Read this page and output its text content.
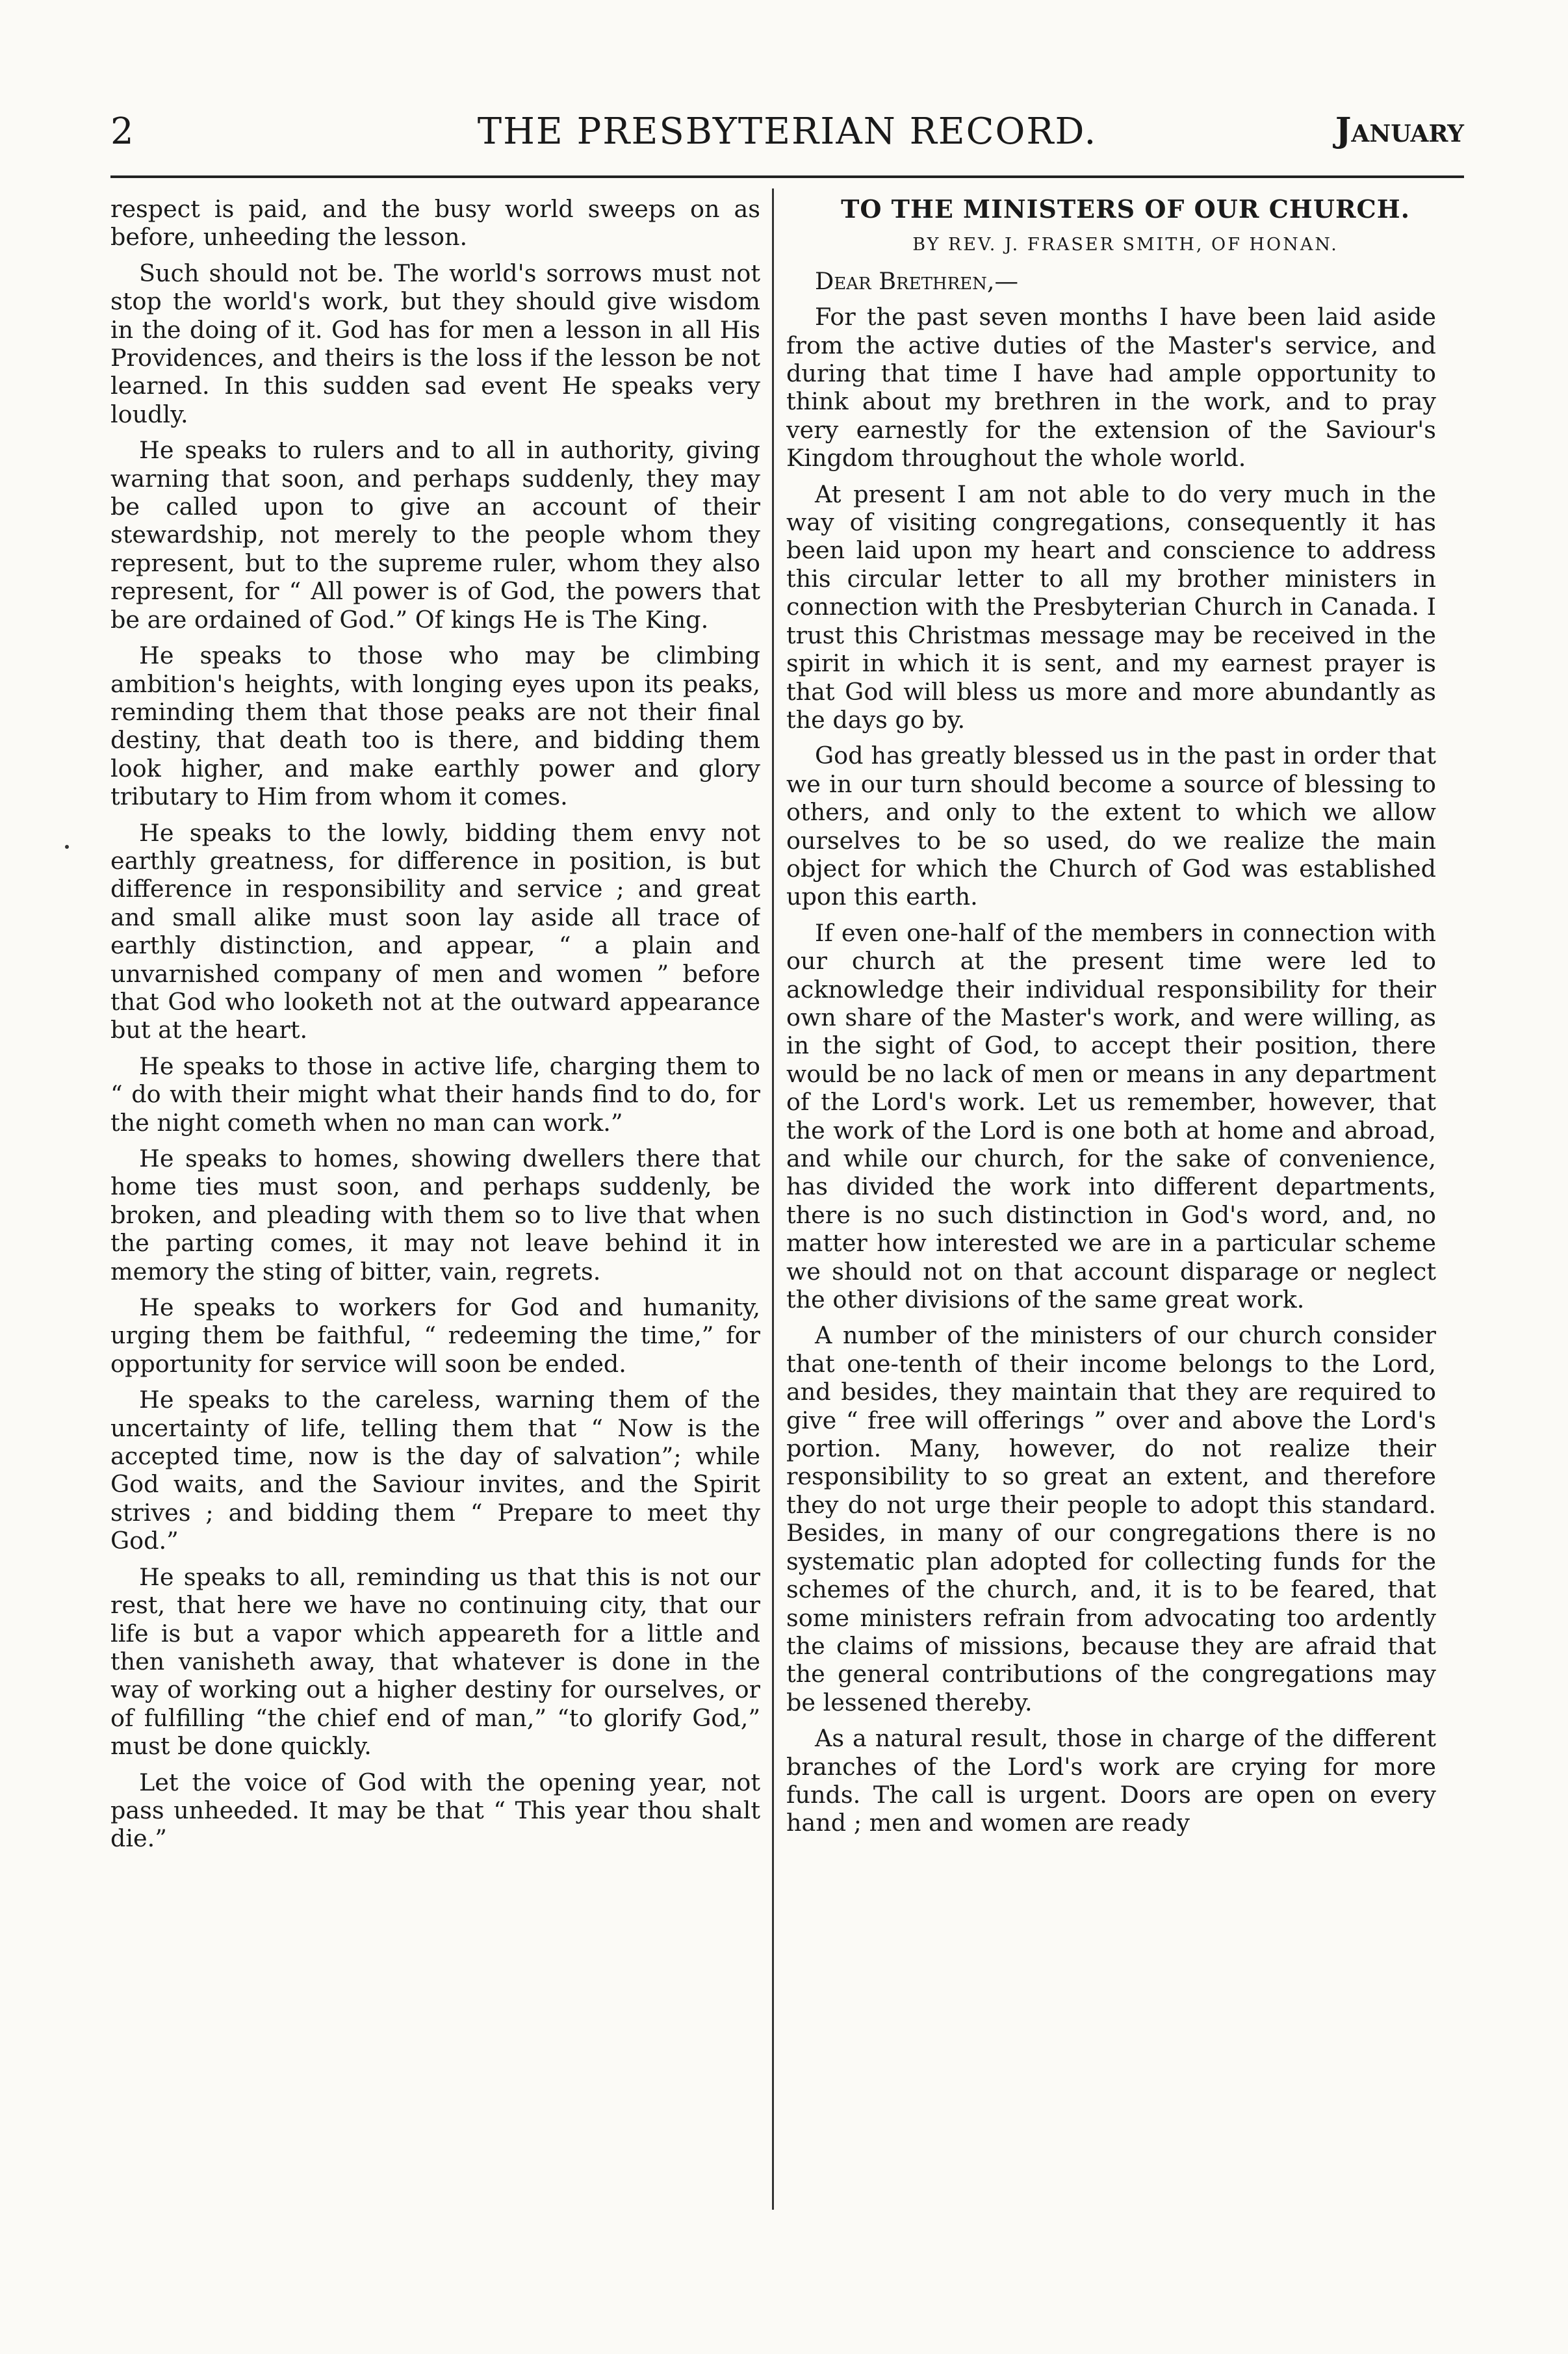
2	THE PRESBYTERIAN RECORD.	January

respect is paid, and the busy world sweeps on as before, unheeding the lesson.

Such should not be. The world's sorrows must not stop the world's work, but they should give wisdom in the doing of it. God has for men a lesson in all His Providences, and theirs is the loss if the lesson be not learned. In this sudden sad event He speaks very loudly.

He speaks to rulers and to all in authority, giving warning that soon, and perhaps suddenly, they may be called upon to give an account of their stewardship, not merely to the people whom they represent, but to the supreme ruler, whom they also represent, for “ All power is of God, the powers that be are ordained of God.” Of kings He is The King.

He speaks to those who may be climbing ambition's heights, with longing eyes upon its peaks, reminding them that those peaks are not their final destiny, that death too is there, and bidding them look higher, and make earthly power and glory tributary to Him from whom it comes.

He speaks to the lowly, bidding them envy not earthly greatness, for difference in position, is but difference in responsibility and service ; and great and small alike must soon lay aside all trace of earthly distinction, and appear, “ a plain and unvarnished company of men and women ” before that God who looketh not at the outward appearance but at the heart.

He speaks to those in active life, charging them to “ do with their might what their hands find to do, for the night cometh when no man can work.”

He speaks to homes, showing dwellers there that home ties must soon, and perhaps suddenly, be broken, and pleading with them so to live that when the parting comes, it may not leave behind it in memory the sting of bitter, vain, regrets.

He speaks to workers for God and humanity, urging them be faithful, “ redeeming the time,” for opportunity for service will soon be ended.

He speaks to the careless, warning them of the uncertainty of life, telling them that “ Now is the accepted time, now is the day of salvation”; while God waits, and the Saviour invites, and the Spirit strives ; and bidding them “ Prepare to meet thy God.”

He speaks to all, reminding us that this is not our rest, that here we have no continuing city, that our life is but a vapor which appeareth for a little and then vanisheth away, that whatever is done in the way of working out a higher destiny for ourselves, or of fulfilling “the chief end of man,” “to glorify God,” must be done quickly.

Let the voice of God with the opening year, not pass unheeded. It may be that “ This year thou shalt die.”

TO THE MINISTERS OF OUR CHURCH.

BY REV. J. FRASER SMITH, OF HONAN.

Dear Brethren,—

For the past seven months I have been laid aside from the active duties of the Master's service, and during that time I have had ample opportunity to think about my brethren in the work, and to pray very earnestly for the extension of the Saviour's Kingdom throughout the whole world.

At present I am not able to do very much in the way of visiting congregations, consequently it has been laid upon my heart and conscience to address this circular letter to all my brother ministers in connection with the Presbyterian Church in Canada. I trust this Christmas message may be received in the spirit in which it is sent, and my earnest prayer is that God will bless us more and more abundantly as the days go by.

God has greatly blessed us in the past in order that we in our turn should become a source of blessing to others, and only to the extent to which we allow ourselves to be so used, do we realize the main object for which the Church of God was established upon this earth.

If even one-half of the members in connection with our church at the present time were led to acknowledge their individual responsibility for their own share of the Master's work, and were willing, as in the sight of God, to accept their position, there would be no lack of men or means in any department of the Lord's work. Let us remember, however, that the work of the Lord is one both at home and abroad, and while our church, for the sake of convenience, has divided the work into different departments, there is no such distinction in God's word, and, no matter how interested we are in a particular scheme we should not on that account disparage or neglect the other divisions of the same great work.

A number of the ministers of our church consider that one-tenth of their income belongs to the Lord, and besides, they maintain that they are required to give “ free will offerings ” over and above the Lord's portion. Many, however, do not realize their responsibility to so great an extent, and therefore they do not urge their people to adopt this standard. Besides, in many of our congregations there is no systematic plan adopted for collecting funds for the schemes of the church, and, it is to be feared, that some ministers refrain from advocating too ardently the claims of missions, because they are afraid that the general contributions of the congregations may be lessened thereby.

As a natural result, those in charge of the different branches of the Lord's work are crying for more funds. The call is urgent. Doors are open on every hand ; men and women are ready
